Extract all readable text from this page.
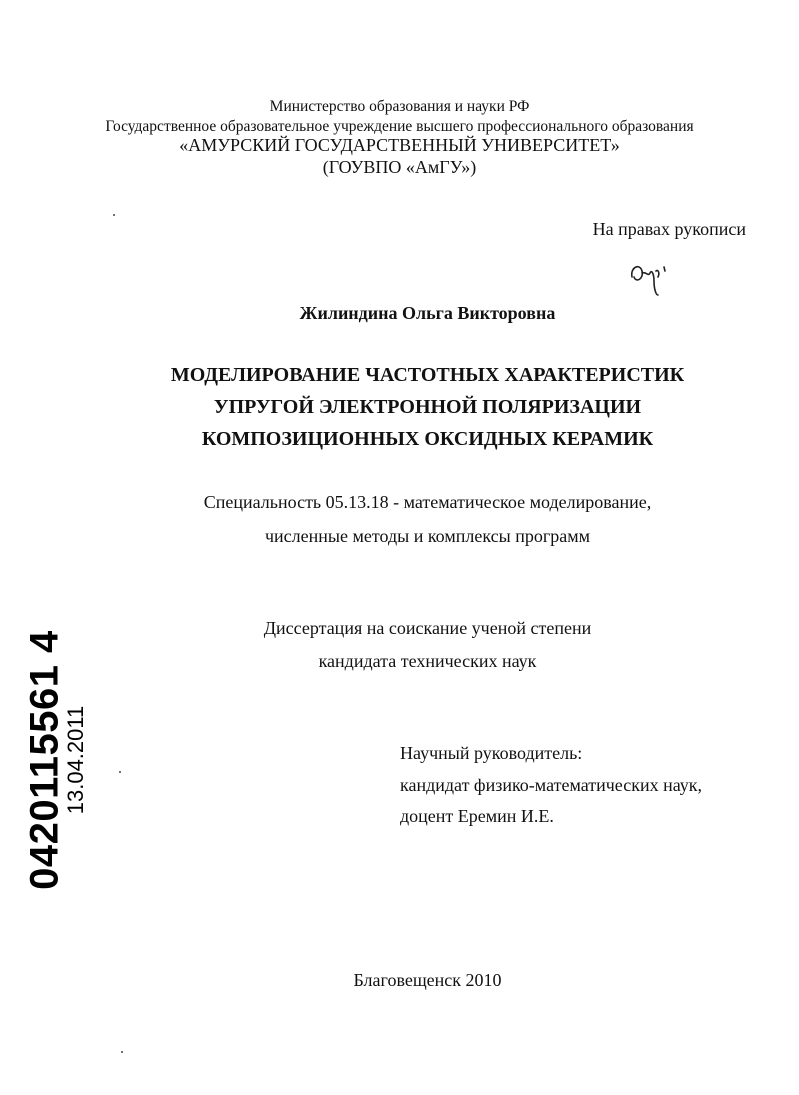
Министерство образования и науки РФ
Государственное образовательное учреждение высшего профессионального образования
«АМУРСКИЙ ГОСУДАРСТВЕННЫЙ УНИВЕРСИТЕТ»
(ГОУВПО «АмГУ»)
На правах рукописи
Жилиндина Ольга Викторовна
МОДЕЛИРОВАНИЕ ЧАСТОТНЫХ ХАРАКТЕРИСТИК
УПРУГОЙ ЭЛЕКТРОННОЙ ПОЛЯРИЗАЦИИ
КОМПОЗИЦИОННЫХ ОКСИДНЫХ КЕРАМИК
Специальность 05.13.18 - математическое моделирование,
численные методы и комплексы программ
Диссертация на соискание ученой степени
кандидата технических наук
Научный руководитель:
кандидат физико-математических наук,
доцент Еремин И.Е.
Благовещенск 2010
0420115561 4
13.04.2011
